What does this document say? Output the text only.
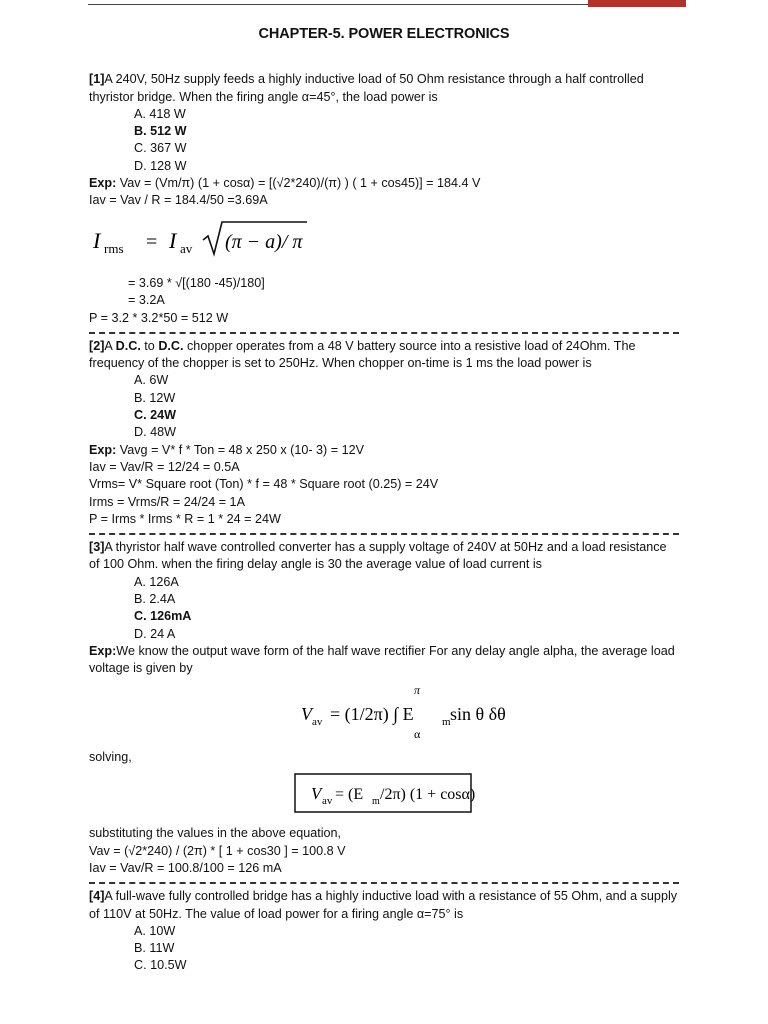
CHAPTER-5. POWER ELECTRONICS

[1]A 240V, 50Hz supply feeds a highly inductive load of 50 Ohm resistance through a half controlled thyristor bridge. When the firing angle α=45°, the load power is

A. 418 W

B. 512 W

C. 367 W

D. 128 W

Exp: Vav = (Vm/π) (1 + cosα) = [(√2*240)/(π) ) ( 1 + cos45)] = 184.4 V

Iav = Vav / R = 184.4/50 =3.69A

I rms = I av (π − a)/ π

= 3.69 * √[(180 -45)/180]

= 3.2A

P = 3.2 * 3.2*50 = 512 W

[2]A D.C. to D.C. chopper operates from a 48 V battery source into a resistive load of 24Ohm. The frequency of the chopper is set to 250Hz. When chopper on-time is 1 ms the load power is

A. 6W

B. 12W

C. 24W

D. 48W

Exp: Vavg = V* f * Ton = 48 x 250 x (10- 3) = 12V

Iav = Vav/R = 12/24 = 0.5A

Vrms= V* Square root (Ton) * f = 48 * Square root (0.25) = 24V

Irms = Vrms/R = 24/24 = 1A

P = Irms * Irms * R = 1 * 24 = 24W

[3]A thyristor half wave controlled converter has a supply voltage of 240V at 50Hz and a load resistance of 100 Ohm. when the firing delay angle is 30 the average value of load current is

A. 126A

B. 2.4A

C. 126mA

D. 24 A

Exp:We know the output wave form of the half wave rectifier For any delay angle alpha, the average load voltage is given by

V av = (1/2π) ∫ E	m sin θ δθ
π
α

solving,

V av = (E m /2π) (1 + cosα)

substituting the values in the above equation,

Vav = (√2*240) / (2π) * [ 1 + cos30 ] = 100.8 V

Iav = Vav/R = 100.8/100 = 126 mA

[4]A full-wave fully controlled bridge has a highly inductive load with a resistance of 55 Ohm, and a supply of 110V at 50Hz. The value of load power for a firing angle α=75° is

A. 10W

B. 11W

C. 10.5W
